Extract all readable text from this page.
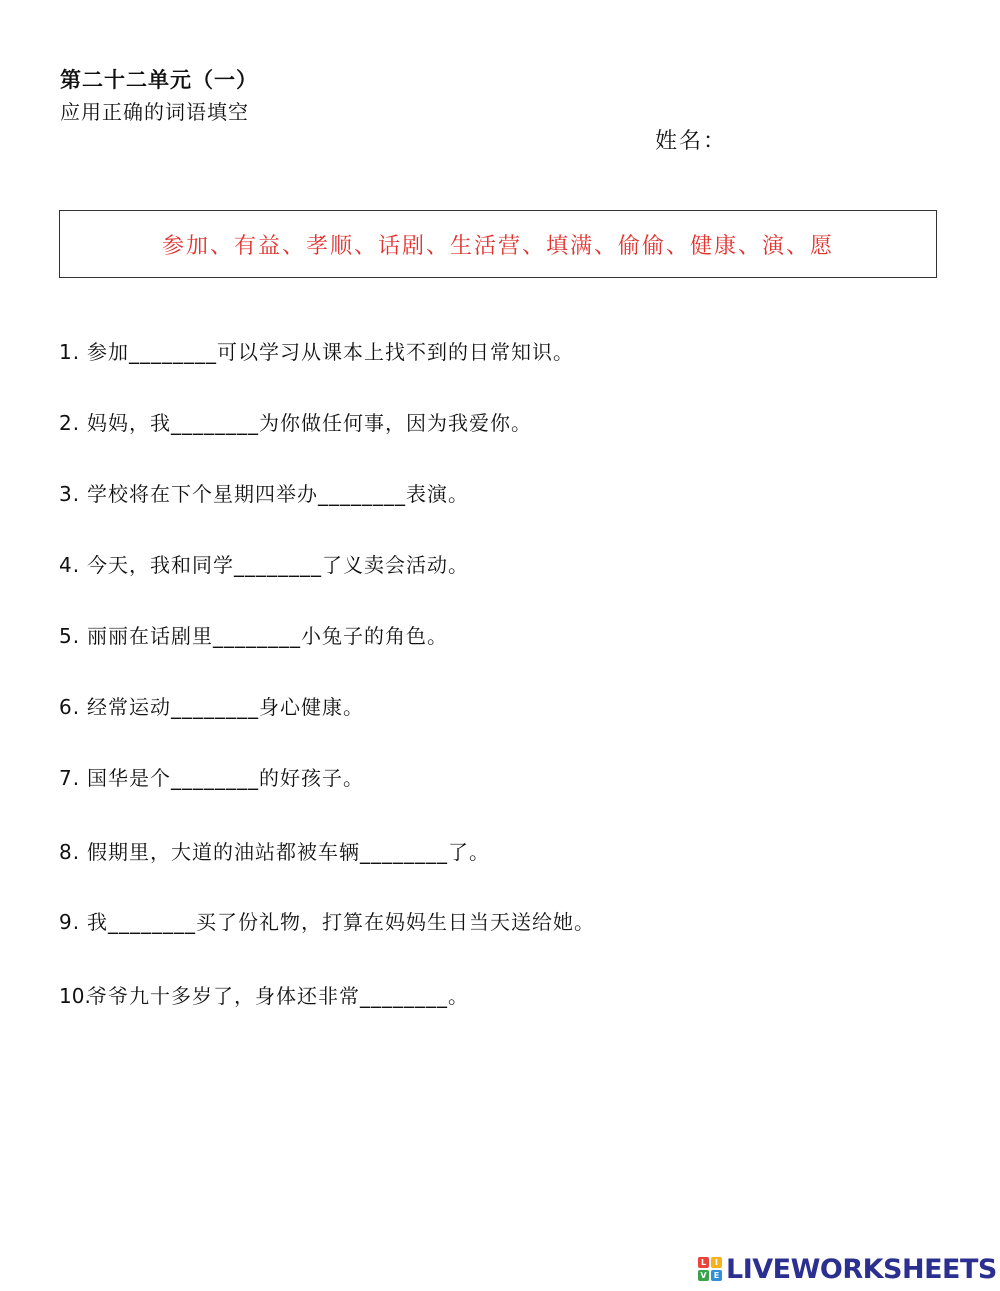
第二十二单元（一）
应用正确的词语填空
姓名：
参加、有益、孝顺、话剧、生活营、填满、偷偷、健康、演、愿
1. 参加________可以学习从课本上找不到的日常知识。
2. 妈妈，我________为你做任何事，因为我爱你。
3. 学校将在下个星期四举办________表演。
4. 今天，我和同学________了义卖会活动。
5. 丽丽在话剧里________小兔子的角色。
6. 经常运动________身心健康。
7. 国华是个________的好孩子。
8. 假期里，大道的油站都被车辆________了。
9. 我________买了份礼物，打算在妈妈生日当天送给她。
10.爷爷九十多岁了，身体还非常________。
L	I
V E LIVEWORKSHEETS
